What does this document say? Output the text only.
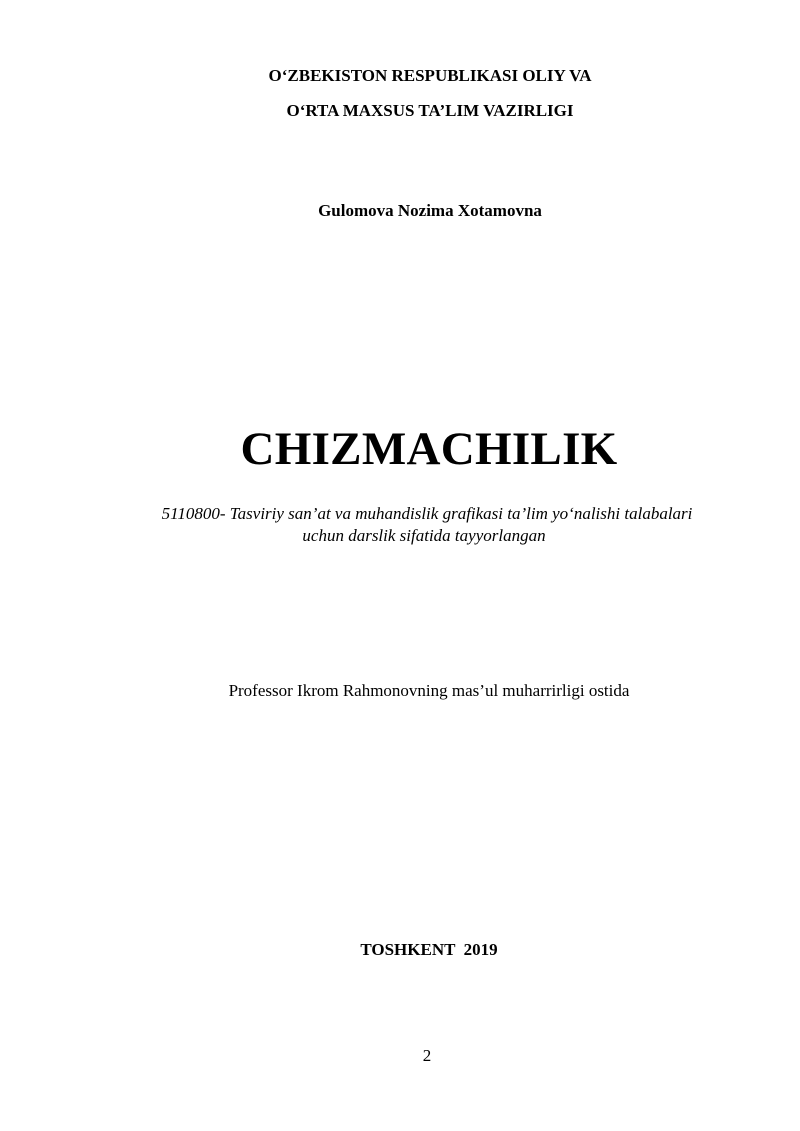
O‘ZBEKISTON RESPUBLIKASI OLIY VA
O‘RTA MAXSUS TA’LIM VAZIRLIGI
Gulomova Nozima Xotamovna
CHIZMACHILIK
5110800- Tasviriy san’at va muhandislik grafikasi ta’lim yo‘nalishi talabalari
uchun darslik sifatida tayyorlangan
Professor Ikrom Rahmonovning mas’ul muharrirligi ostida
TOSHKENT  2019
2
